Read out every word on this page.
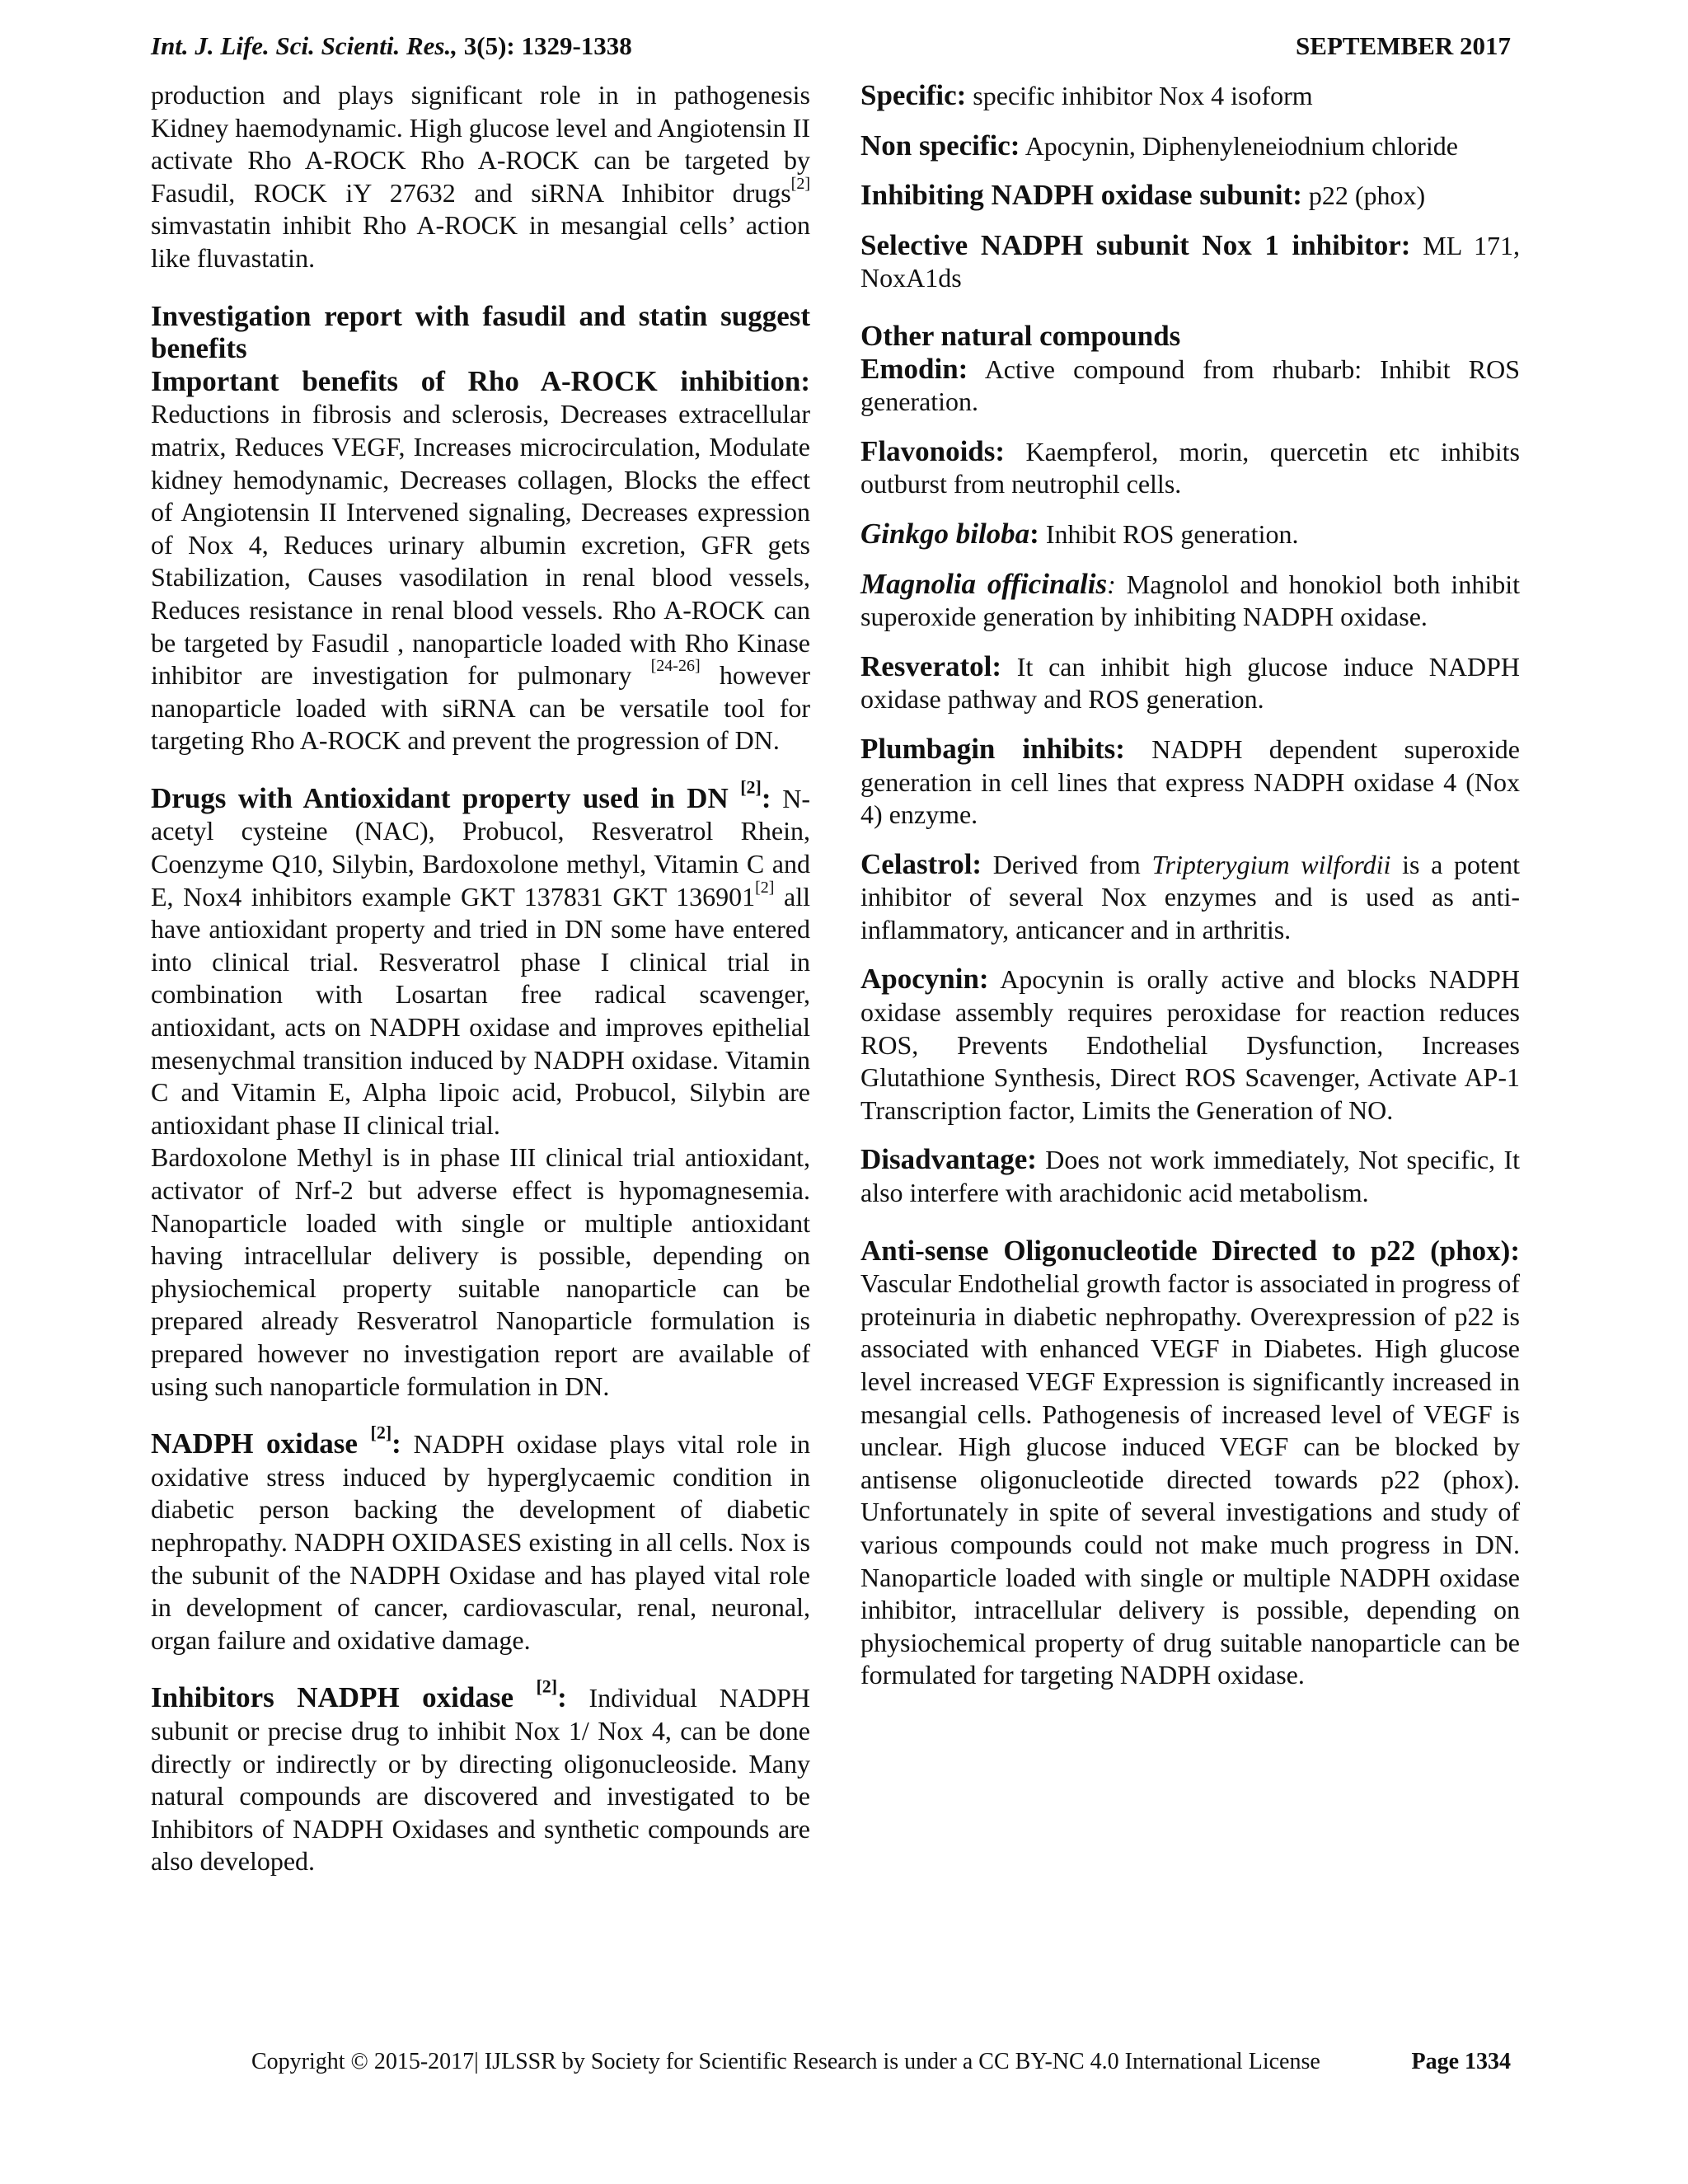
Int. J. Life. Sci. Scienti. Res., 3(5): 1329-1338	SEPTEMBER 2017

production and plays significant role in in pathogenesis Kidney haemodynamic. High glucose level and Angiotensin II activate Rho A-ROCK Rho A-ROCK can be targeted by Fasudil, ROCK iY 27632 and siRNA Inhibitor drugs[2] simvastatin inhibit Rho A-ROCK in mesangial cells’ action like fluvastatin.

Investigation report with fasudil and statin suggest benefits

Important benefits of Rho A-ROCK inhibition: Reductions in fibrosis and sclerosis, Decreases extracellular matrix, Reduces VEGF, Increases microcirculation, Modulate kidney hemodynamic, Decreases collagen, Blocks the effect of Angiotensin II Intervened signaling, Decreases expression of Nox 4, Reduces urinary albumin excretion, GFR gets Stabilization, Causes vasodilation in renal blood vessels, Reduces resistance in renal blood vessels. Rho A-ROCK can be targeted by Fasudil , nanoparticle loaded with Rho Kinase inhibitor are investigation for pulmonary [24-26] however nanoparticle loaded with siRNA can be versatile tool for targeting Rho A-ROCK and prevent the progression of DN.

Drugs with Antioxidant property used in DN [2]: N-acetyl cysteine (NAC), Probucol, Resveratrol Rhein, Coenzyme Q10, Silybin, Bardoxolone methyl, Vitamin C and E, Nox4 inhibitors example GKT 137831 GKT 136901[2] all have antioxidant property and tried in DN some have entered into clinical trial. Resveratrol phase I clinical trial in combination with Losartan free radical scavenger, antioxidant, acts on NADPH oxidase and improves epithelial mesenychmal transition induced by NADPH oxidase. Vitamin C and Vitamin E, Alpha lipoic acid, Probucol, Silybin are antioxidant phase II clinical trial.

Bardoxolone Methyl is in phase III clinical trial antioxidant, activator of Nrf-2 but adverse effect is hypomagnesemia. Nanoparticle loaded with single or multiple antioxidant having intracellular delivery is possible, depending on physiochemical property suitable nanoparticle can be prepared already Resveratrol Nanoparticle formulation is prepared however no investigation report are available of using such nanoparticle formulation in DN.

NADPH oxidase [2]: NADPH oxidase plays vital role in oxidative stress induced by hyperglycaemic condition in diabetic person backing the development of diabetic nephropathy. NADPH OXIDASES existing in all cells. Nox is the subunit of the NADPH Oxidase and has played vital role in development of cancer, cardiovascular, renal, neuronal, organ failure and oxidative damage.

Inhibitors NADPH oxidase [2]: Individual NADPH subunit or precise drug to inhibit Nox 1/ Nox 4, can be done directly or indirectly or by directing oligonucleoside. Many natural compounds are discovered and investigated to be Inhibitors of NADPH Oxidases and synthetic compounds are also developed.

Specific: specific inhibitor Nox 4 isoform

Non specific: Apocynin, Diphenyleneiodnium chloride

Inhibiting NADPH oxidase subunit: p22 (phox)

Selective NADPH subunit Nox 1 inhibitor: ML 171, NoxA1ds

Other natural compounds

Emodin: Active compound from rhubarb: Inhibit ROS generation.

Flavonoids: Kaempferol, morin, quercetin etc inhibits outburst from neutrophil cells.

Ginkgo biloba: Inhibit ROS generation.

Magnolia officinalis: Magnolol and honokiol both inhibit superoxide generation by inhibiting NADPH oxidase.

Resveratol: It can inhibit high glucose induce NADPH oxidase pathway and ROS generation.

Plumbagin inhibits: NADPH dependent superoxide generation in cell lines that express NADPH oxidase 4 (Nox 4) enzyme.

Celastrol: Derived from Tripterygium wilfordii is a potent inhibitor of several Nox enzymes and is used as anti-inflammatory, anticancer and in arthritis.

Apocynin: Apocynin is orally active and blocks NADPH oxidase assembly requires peroxidase for reaction reduces ROS, Prevents Endothelial Dysfunction, Increases Glutathione Synthesis, Direct ROS Scavenger, Activate AP-1 Transcription factor, Limits the Generation of NO.

Disadvantage: Does not work immediately, Not specific, It also interfere with arachidonic acid metabolism.

Anti-sense Oligonucleotide Directed to p22 (phox): Vascular Endothelial growth factor is associated in progress of proteinuria in diabetic nephropathy. Overexpression of p22 is associated with enhanced VEGF in Diabetes. High glucose level increased VEGF Expression is significantly increased in mesangial cells. Pathogenesis of increased level of VEGF is unclear. High glucose induced VEGF can be blocked by antisense oligonucleotide directed towards p22 (phox). Unfortunately in spite of several investigations and study of various compounds could not make much progress in DN. Nanoparticle loaded with single or multiple NADPH oxidase inhibitor, intracellular delivery is possible, depending on physiochemical property of drug suitable nanoparticle can be formulated for targeting NADPH oxidase.

Copyright © 2015-2017| IJLSSR by Society for Scientific Research is under a CC BY-NC 4.0 International License	Page 1334
